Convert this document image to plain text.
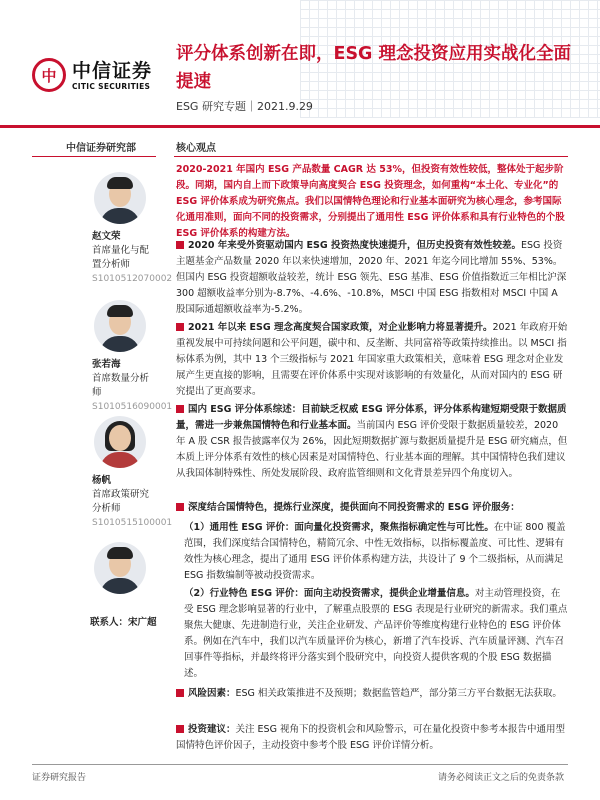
中 中信证券
CITIC SECURITIES
评分体系创新在即，ESG 理念投资应用实战化全面提速
ESG 研究专题｜2021.9.29
中信证券研究部	核心观点
赵文荣
首席量化与配置分析师
S1010512070002
张若海
首席数量分析师
S1010516090001
杨帆
首席政策研究分析师
S1010515100001
联系人：宋广超
2020-2021 年国内 ESG 产品数量 CAGR 达 53%，但投资有效性较低，整体处于起步阶段。同期，国内自上而下政策导向高度契合 ESG 投资理念，如何重构“本土化、专业化”的 ESG 评价体系成为研究焦点。我们以国情特色理论和行业基本面研究为核心理念，参考国际化通用准则，面向不同的投资需求，分别提出了通用性 ESG 评价体系和具有行业特色的个股 ESG 评价体系的构建方法。
2020 年来受外资驱动国内 ESG 投资热度快速提升，但历史投资有效性较差。ESG 投资主题基金产品数量 2020 年以来快速增加，2020 年、2021 年迄今同比增加 55%、53%。但国内 ESG 投资超额收益较差，统计 ESG 领先、ESG 基准、ESG 价值指数近三年相比沪深 300 超额收益率分别为-8.7%、-4.6%、-10.8%，MSCI 中国 ESG 指数相对 MSCI 中国 A 股国际通超额收益率为-5.2%。
2021 年以来 ESG 理念高度契合国家政策，对企业影响力将显著提升。2021 年政府开始重视发展中可持续问题和公平问题，碳中和、反垄断、共同富裕等政策持续推出。以 MSCI 指标体系为例，其中 13 个三级指标与 2021 年国家重大政策相关，意味着 ESG 理念对企业发展产生更直接的影响，且需要在评价体系中实现对该影响的有效量化，从而对国内的 ESG 研究提出了更高要求。
国内 ESG 评分体系综述：目前缺乏权威 ESG 评分体系，评分体系构建短期受限于数据质量，需进一步兼焦国情特色和行业基本面。当前国内 ESG 评价受限于数据质量较差，2020 年 A 股 CSR 报告披露率仅为 26%，因此短期数据扩源与数据质量提升是 ESG 研究痛点，但本质上评分体系有效性的核心因素是对国情特色、行业基本面的理解。其中国情特色我们建议从我国体制特殊性、所处发展阶段、政府监管细则和文化背景差异四个角度切入。
深度结合国情特色，提炼行业深度，提供面向不同投资需求的 ESG 评价服务：
（1）通用性 ESG 评价：面向量化投资需求，聚焦指标确定性与可比性。在中证 800 覆盖范围，我们深度结合国情特色，精简冗余、中性无效指标，以指标覆盖度、可比性、逻辑有效性为核心理念，提出了通用 ESG 评价体系构建方法，共设计了 9 个二级指标，从而满足 ESG 指数编制等被动投资需求。
（2）行业特色 ESG 评价：面向主动投资需求，提供企业增量信息。对主动管理投资，在受 ESG 理念影响显著的行业中，了解重点股票的 ESG 表现是行业研究的新需求。我们重点聚焦大健康、先进制造行业，关注企业研发、产品评价等维度构建行业特色的 ESG 评价体系。例如在汽车中，我们以汽车质量评价为核心，新增了汽车投诉、汽车质量评测、汽车召回事件等指标，并最终将评分落实到个股研究中，向投资人提供客观的个股 ESG 数据描述。
风险因素：ESG 相关政策推进不及预期；数据监管趋严，部分第三方平台数据无法获取。
投资建议：关注 ESG 视角下的投资机会和风险警示，可在量化投资中参考本报告中通用型国情特色评价因子，主动投资中参考个股 ESG 评价详情分析。
证券研究报告	请务必阅读正文之后的免责条款
